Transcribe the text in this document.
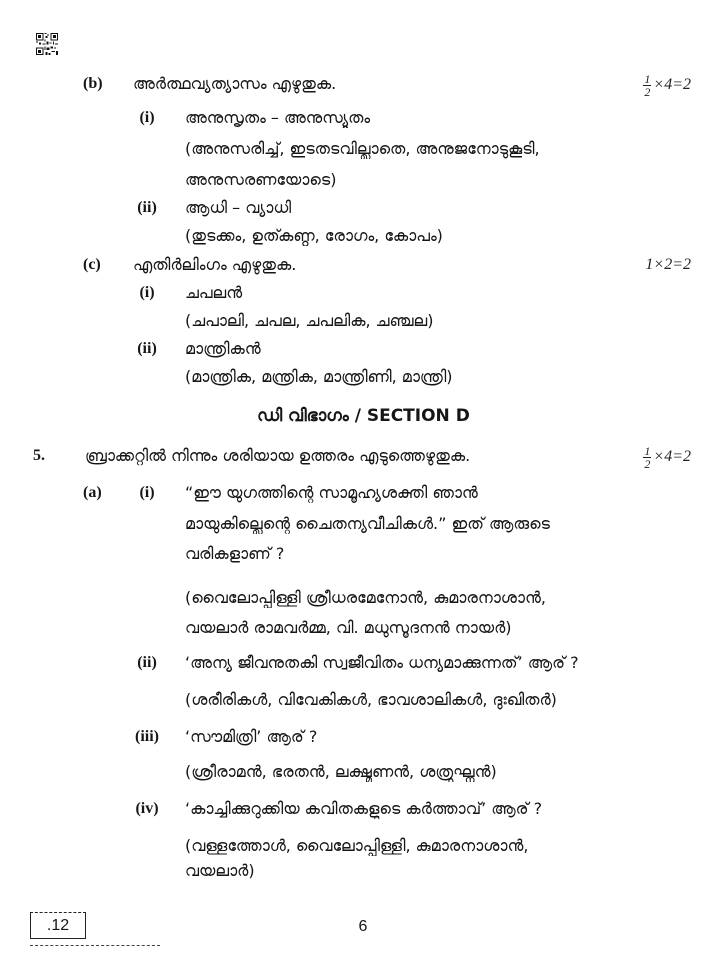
(b)	അർത്ഥവ്യത്യാസം എഴുതുക.	$\frac{1}{2} \times 4=2$
(i)	അനുസൃതം – അനുസ്യൂതം
(അനുസരിച്ച്, ഇടതടവില്ലാതെ, അനുജനോടുകൂടി,
അനുസരണയോടെ)
(ii)	ആധി – വ്യാധി
(തുടക്കം, ഉത്കണ്ഠ, രോഗം, കോപം)
(c)	എതിർലിംഗം എഴുതുക.	1×2=2
(i)	ചപലൻ
(ചപാലി, ചപല, ചപലിക, ചഞ്ചല)
(ii)	മാന്ത്രികൻ
(മാന്ത്രിക, മന്ത്രിക, മാന്ത്രിണി, മാന്ത്രി)
ഡി വിഭാഗം / SECTION D
5.	ബ്രാക്കറ്റിൽ നിന്നും ശരിയായ ഉത്തരം എടുത്തെഴുതുക.	$\frac{1}{2} \times 4=2$
(a)	(i)	“ഈ യുഗത്തിന്റെ സാമൂഹ്യശക്തി ഞാൻ
മായുകില്ലെന്റെ ചൈതന്യവീചികൾ.” ഇത് ആരുടെ
വരികളാണ് ?
(വൈലോപ്പിള്ളി ശ്രീധരമേനോൻ, കുമാരനാശാൻ,
വയലാർ രാമവർമ്മ, വി. മധുസൂദനൻ നായർ)
(ii)	‘അന്യ ജീവനുതകി സ്വജീവിതം ധന്യമാക്കുന്നത്’ ആര് ?
(ശരീരികൾ, വിവേകികൾ, ഭാവശാലികൾ, ദുഃഖിതർ)
(iii)	‘സൗമിത്രി’ ആര് ?
(ശ്രീരാമൻ, ഭരതൻ, ലക്ഷ്മണൻ, ശത്രുഘ്നൻ)
(iv)	‘കാച്ചിക്കുറുക്കിയ കവിതകളുടെ കർത്താവ്’ ആര് ?
(വള്ളത്തോൾ, വൈലോപ്പിള്ളി, കുമാരനാശാൻ,
വയലാർ)
.12	6
